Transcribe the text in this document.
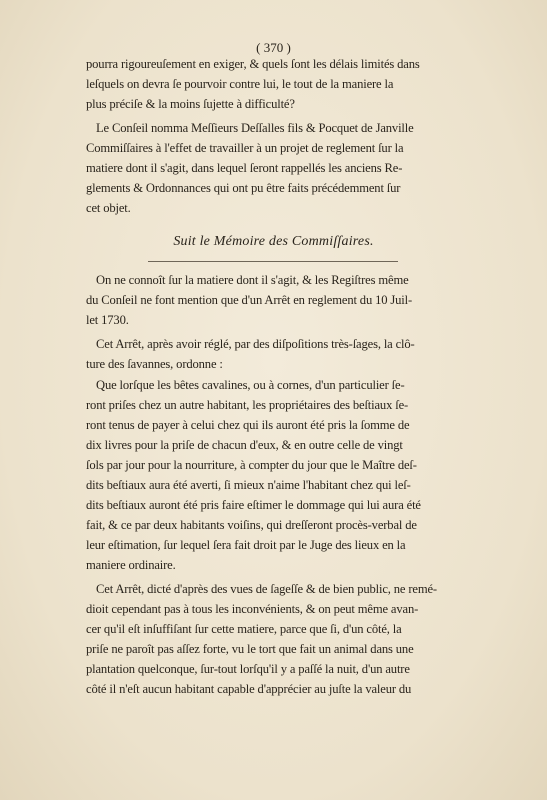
( 370 )
pourra rigoureuſement en exiger, & quels ſont les délais limités dans
leſquels on devra ſe pourvoir contre lui, le tout de la maniere la
plus préciſe & la moins ſujette à difficulté?
Le Conſeil nomma Meſſieurs Deſſalles fils & Pocquet de Janville
Commiſſaires à l'effet de travailler à un projet de reglement ſur la
matiere dont il s'agit, dans lequel ſeront rappellés les anciens Re-
glements & Ordonnances qui ont pu être faits précédemment ſur
cet objet.
On ne connoît ſur la matiere dont il s'agit, & les Regiſtres même
du Conſeil ne font mention que d'un Arrêt en reglement du 10 Juil-
let 1730.
Cet Arrêt, après avoir réglé, par des diſpoſitions très-ſages, la clô-
ture des ſavannes, ordonne :
Que lorſque les bêtes cavalines, ou à cornes, d'un particulier ſe-
ront priſes chez un autre habitant, les propriétaires des beſtiaux ſe-
ront tenus de payer à celui chez qui ils auront été pris la ſomme de
dix livres pour la priſe de chacun d'eux, & en outre celle de vingt
ſols par jour pour la nourriture, à compter du jour que le Maître deſ-
dits beſtiaux aura été averti, ſi mieux n'aime l'habitant chez qui leſ-
dits beſtiaux auront été pris faire eſtimer le dommage qui lui aura été
fait, & ce par deux habitants voiſins, qui dreſſeront procès-verbal de
leur eſtimation, ſur lequel ſera fait droit par le Juge des lieux en la
maniere ordinaire.
Cet Arrêt, dicté d'après des vues de ſageſſe & de bien public, ne remé-
dioit cependant pas à tous les inconvénients, & on peut même avan-
cer qu'il eſt inſuffiſant ſur cette matiere, parce que ſi, d'un côté, la
priſe ne paroît pas aſſez forte, vu le tort que fait un animal dans une
plantation quelconque, ſur-tout lorſqu'il y a paſſé la nuit, d'un autre
côté il n'eſt aucun habitant capable d'apprécier au juſte la valeur du
Suit le Mémoire des Commiſſaires.
